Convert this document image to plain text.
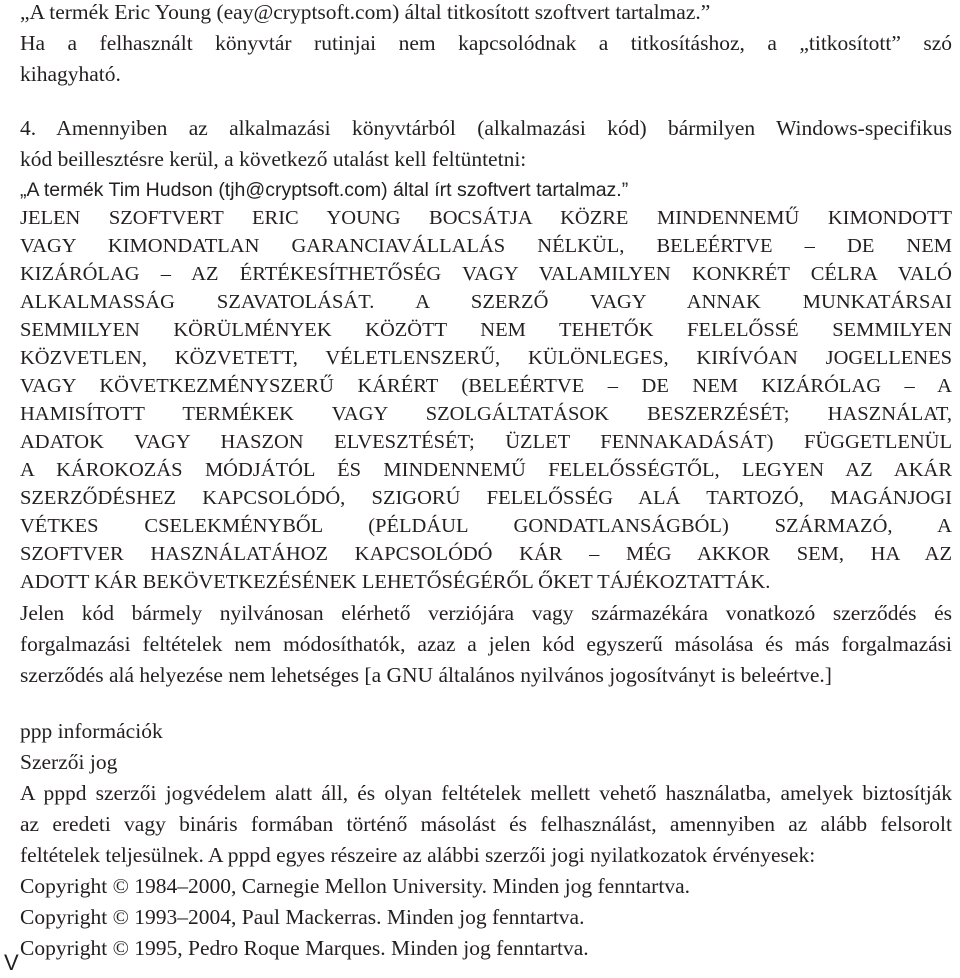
„A termék Eric Young (eay@cryptsoft.com) által titkosított szoftvert tartalmaz.”
Ha a felhasznált könyvtár rutinjai nem kapcsolódnak a titkosításhoz, a „titkosított” szó
kihagyható.
4. Amennyiben az alkalmazási könyvtárból (alkalmazási kód) bármilyen Windows-specifikus
kód beillesztésre kerül, a következő utalást kell feltüntetni:
„A termék Tim Hudson (tjh@cryptsoft.com) által írt szoftvert tartalmaz.”
JELEN SZOFTVERT ERIC YOUNG BOCSÁTJA KÖZRE MINDENNEMŰ KIMONDOTT
VAGY KIMONDATLAN GARANCIAVÁLLALÁS NÉLKÜL, BELEÉRTVE – DE NEM
KIZÁRÓLAG – AZ ÉRTÉKESÍTHETŐSÉG VAGY VALAMILYEN KONKRÉT CÉLRA VALÓ
ALKALMASSÁG SZAVATOLÁSÁT. A SZERZŐ VAGY ANNAK MUNKATÁRSAI
SEMMILYEN KÖRÜLMÉNYEK KÖZÖTT NEM TEHETŐK FELELŐSSÉ SEMMILYEN
KÖZVETLEN, KÖZVETETT, VÉLETLENSZERŰ, KÜLÖNLEGES, KIRÍVÓAN JOGELLENES
VAGY KÖVETKEZMÉNYSZERŰ KÁRÉRT (BELEÉRTVE – DE NEM KIZÁRÓLAG – A
HAMISÍTOTT TERMÉKEK VAGY SZOLGÁLTATÁSOK BESZERZÉSÉT; HASZNÁLAT,
ADATOK VAGY HASZON ELVESZTÉSÉT; ÜZLET FENNAKADÁSÁT) FÜGGETLENÜL
A KÁROKOZÁS MÓDJÁTÓL ÉS MINDENNEMŰ FELELŐSSÉGTŐL, LEGYEN AZ AKÁR
SZERZŐDÉSHEZ KAPCSOLÓDÓ, SZIGORÚ FELELŐSSÉG ALÁ TARTOZÓ, MAGÁNJOGI
VÉTKES CSELEKMÉNYBŐL (PÉLDÁUL GONDATLANSÁGBÓL) SZÁRMAZÓ, A
SZOFTVER HASZNÁLATÁHOZ KAPCSOLÓDÓ KÁR – MÉG AKKOR SEM, HA AZ
ADOTT KÁR BEKÖVETKEZÉSÉNEK LEHETŐSÉGÉRŐL ŐKET TÁJÉKOZTATTÁK.
Jelen kód bármely nyilvánosan elérhető verziójára vagy származékára vonatkozó szerződés és
forgalmazási feltételek nem módosíthatók, azaz a jelen kód egyszerű másolása és más forgalmazási
szerződés alá helyezése nem lehetséges [a GNU általános nyilvános jogosítványt is beleértve.]
ppp információk
Szerzői jog
A pppd szerzői jogvédelem alatt áll, és olyan feltételek mellett vehető használatba, amelyek biztosítják
az eredeti vagy bináris formában történő másolást és felhasználást, amennyiben az alább felsorolt
feltételek teljesülnek. A pppd egyes részeire az alábbi szerzői jogi nyilatkozatok érvényesek:
Copyright © 1984–2000, Carnegie Mellon University. Minden jog fenntartva.
Copyright © 1993–2004, Paul Mackerras. Minden jog fenntartva.
Copyright © 1995, Pedro Roque Marques. Minden jog fenntartva.
V
